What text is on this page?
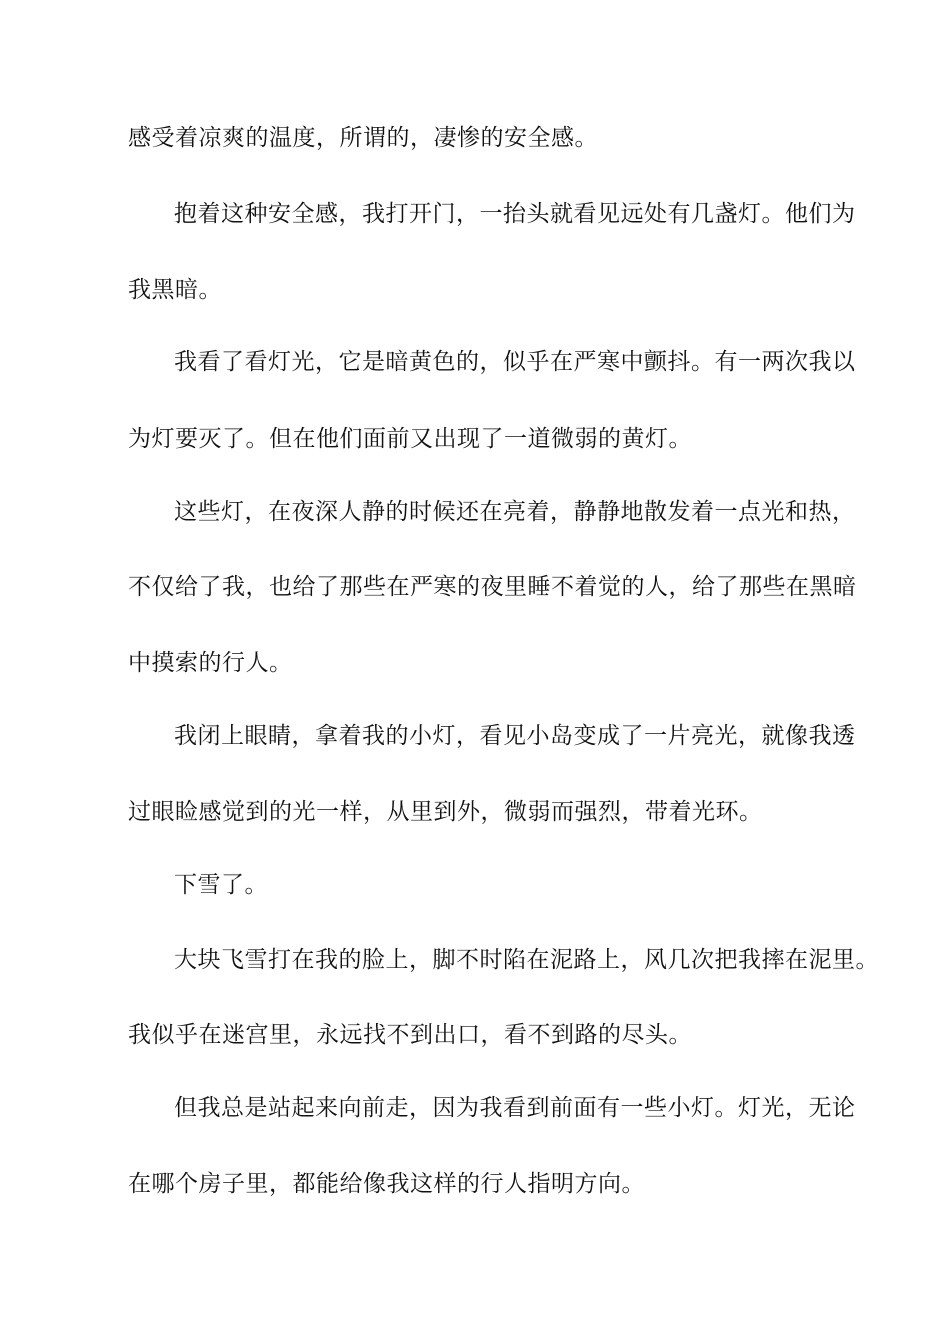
感受着凉爽的温度，所谓的，凄惨的安全感。
抱着这种安全感，我打开门，一抬头就看见远处有几盏灯。他们为
我黑暗。
我看了看灯光，它是暗黄色的，似乎在严寒中颤抖。有一两次我以
为灯要灭了。但在他们面前又出现了一道微弱的黄灯。
这些灯，在夜深人静的时候还在亮着，静静地散发着一点光和热，
不仅给了我，也给了那些在严寒的夜里睡不着觉的人，给了那些在黑暗
中摸索的行人。
我闭上眼睛，拿着我的小灯，看见小岛变成了一片亮光，就像我透
过眼睑感觉到的光一样，从里到外，微弱而强烈，带着光环。
下雪了。
大块飞雪打在我的脸上，脚不时陷在泥路上，风几次把我摔在泥里。
我似乎在迷宫里，永远找不到出口，看不到路的尽头。
但我总是站起来向前走，因为我看到前面有一些小灯。灯光，无论
在哪个房子里，都能给像我这样的行人指明方向。
